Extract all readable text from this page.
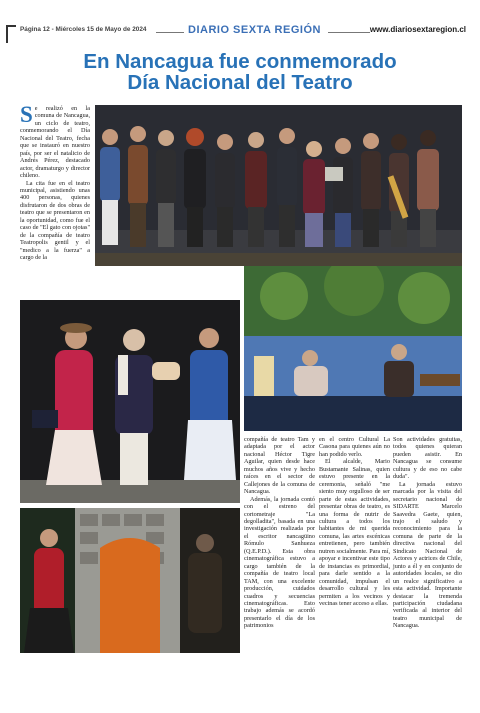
Página 12 - Miércoles 15 de Mayo de 2024	DIARIO SEXTA REGIÓN	www.diariosextaregion.cl
En Nancagua fue conmemorado
Día Nacional del Teatro

Se realizó en la comuna de Nancagua, un ciclo de teatro, conmemorando el Día Nacional del Teatro, fecha que se instauró en nuestro país, por ser el natalicio de Andrés Pérez, destacado actor, dramaturgo y director chileno.

La cita fue en el teatro municipal, asistiendo unas 400 personas, quienes disfrutaron de dos obras de teatro que se presentaron en la oportunidad, como fue el caso de "El gato con ojotas" de la compañía de teatro Teatropolis gentil y el "medico a la fuerza" a cargo de la

compañía de teatro Tam y adaptada por el actor nacional Héctor Tigre Aguilar, quien desde hace muchos años vive y hecho raíces en el sector de Callejones de la comuna de Nancagua.

Además, la jornada contó con el estreno del cortometraje "La degolladita", basada en una investigación realizada por el escritor nancagüino Rómulo Sanhueza (Q.E.P.D.). Esta obra cinematográfica estuvo a cargo también de la compañía de teatro local TAM, con una excelente producción, cuidados cuadros y secuencias cinematográficas. Esto trabajo además se acordó presentarlo el día de los patrimonios

en el centro Cultural La Casona para quienes aún no han podido verlo.

El alcalde, Mario Bustamante Salinas, quien estuvo presente en la ceremonia, señaló "me siento muy orgulloso de ser parte de estas actividades, presentar obras de teatro, es una forma de nutrir de cultura a todos los habitantes de mi querida comuna, las artes escénicas entretienen, pero también nutren socialmente. Para mí, apoyar e incentivar este tipo de instancias es primordial, para darle sentido a la comunidad, impulsan el desarrollo cultural y les permiten a los vecinos y vecinas tener acceso a ellas.

Son actividades gratuitas, todos quienes quieran pueden asistir. En Nancagua se consume cultura y de eso no cabe duda".

La jornada estuvo marcada por la visita del secretario nacional de SIDARTE Marcelo Saavedra Gaete, quien, trajo el saludo y reconocimiento para la comuna de parte de la directiva nacional del Sindicato Nacional de Actores y actrices de Chile, junto a él y en conjunto de autoridades locales, se dio un realce significativo a esta actividad. Importante destacar la tremenda participación ciudadana verificada al interior del teatro municipal de Nancagua.
